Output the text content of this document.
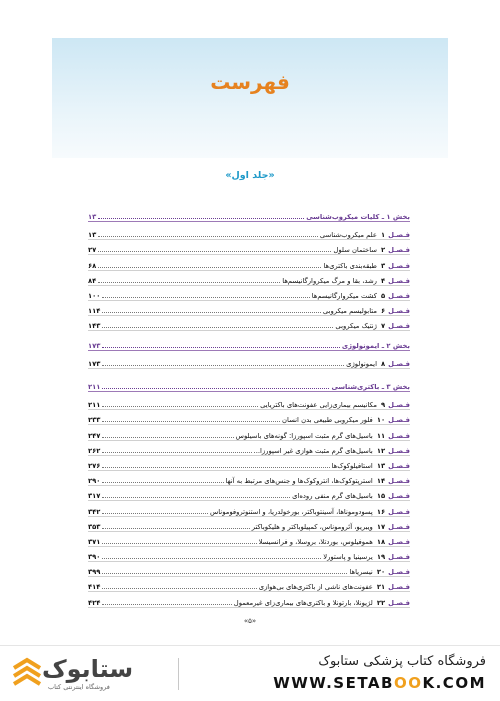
فهرست
«جلد اول»
بخش ۱ ـ کلیات میکروب‌شناسی
۱۳
فـصـل
۱
علم میکروب‌شناسی
۱۳
فـصـل
۲
ساختمان سلول
۲۷
فـصـل
۳
طبقه‌بندی باکتری‌ها
۶۸
فـصـل
۴
رشد، بقا و مرگ میکروارگانیسم‌ها
۸۴
فـصـل
۵
کشت میکروارگانیسم‌ها
۱۰۰
فـصـل
۶
متابولیسم میکروبی
۱۱۴
فـصـل
۷
ژنتیک میکروبی
۱۴۳
بخش ۲ ـ ایمونولوژی
۱۷۳
فـصـل
۸
ایمونولوژی
۱۷۳
بخش ۳ ـ باکتری‌شناسی
۲۱۱
فـصـل
۹
مکانیسم بیماری‌زایی عفونت‌های باکتریایی
۲۱۱
فـصـل
۱۰
فلور میکروبی طبیعی بدن انسان
۲۳۳
فـصـل
۱۱
باسیل‌های گرم مثبت اسپورزا: گونه‌های باسیلوس
۲۴۷
فـصـل
۱۲
باسیل‌های گرم مثبت هوازی غیر اسپورزا...
۲۶۲
فـصـل
۱۳
استافیلوکوک‌ها
۲۷۶
فـصـل
۱۴
استرپتوکوک‌ها، انتروکوک‌ها و جنس‌های مرتبط به آنها
۲۹۰
فـصـل
۱۵
باسیل‌های گرم منفی روده‌ای
۳۱۷
فـصـل
۱۶
پسودوموناها، آسینتوباکتر، بورخولدریا، و استنوتروفوموناس
۳۴۲
فـصـل
۱۷
ویبریو، آئروموناس، کمپیلوباکتر و هلیکوباکتر
۳۵۳
فـصـل
۱۸
هموفیلوس، بوردتلا، بروسلا، و فرانسیسلا
۳۷۱
فـصـل
۱۹
یرسینیا و پاستورلا
۳۹۰
فـصـل
۲۰
نیسریاها
۳۹۹
فـصـل
۲۱
عفونت‌های ناشی از باکتری‌های بی‌هوازی
۴۱۴
فـصـل
۲۲
لژیونلا، بارتونلا و باکتری‌های بیماری‌زای غیرمعمول
۴۲۴
«۵»
ستابوک
فروشگاه اینترنتی کتاب
فروشگاه کتاب پزشکی ستابوک
WWW.SETABOOK.COM
